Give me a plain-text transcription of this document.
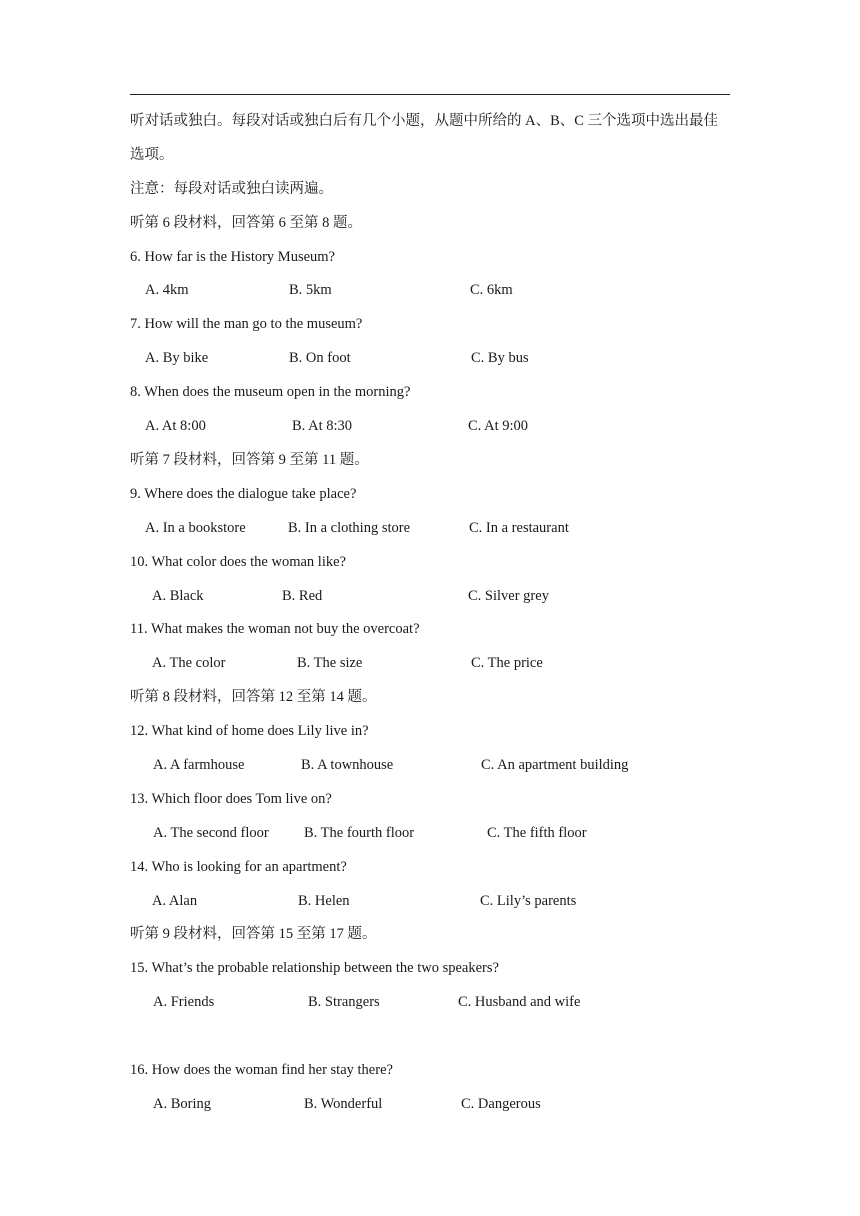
听对话或独白。每段对话或独白后有几个小题，从题中所给的 A、B、C 三个选项中选出最佳选项。
注意：每段对话或独白读两遍。
听第 6 段材料，回答第 6 至第 8 题。
6. How far is the History Museum?
A. 4km	B. 5km	C. 6km
7. How will the man go to the museum?
A. By bike	B. On foot	C. By bus
8. When does the museum open in the morning?
A. At 8:00	B. At 8:30	C. At 9:00
听第 7 段材料，回答第 9 至第 11 题。
9. Where does the dialogue take place?
A. In a bookstore	B. In a clothing store	C. In a restaurant
10. What color does the woman like?
A. Black	B. Red	C. Silver grey
11. What makes the woman not buy the overcoat?
A. The color	B. The size	C. The price
听第 8 段材料，回答第 12 至第 14 题。
12. What kind of home does Lily live in?
A. A farmhouse	B. A townhouse	C. An apartment building
13. Which floor does Tom live on?
A. The second floor B. The fourth floor	C. The fifth floor
14. Who is looking for an apartment?
A. Alan	B. Helen	C. Lily’s parents
听第 9 段材料，回答第 15 至第 17 题。
15. What’s the probable relationship between the two speakers?
A. Friends	B. Strangers	C. Husband and wife
16. How does the woman find her stay there?
A. Boring	B. Wonderful	C. Dangerous
